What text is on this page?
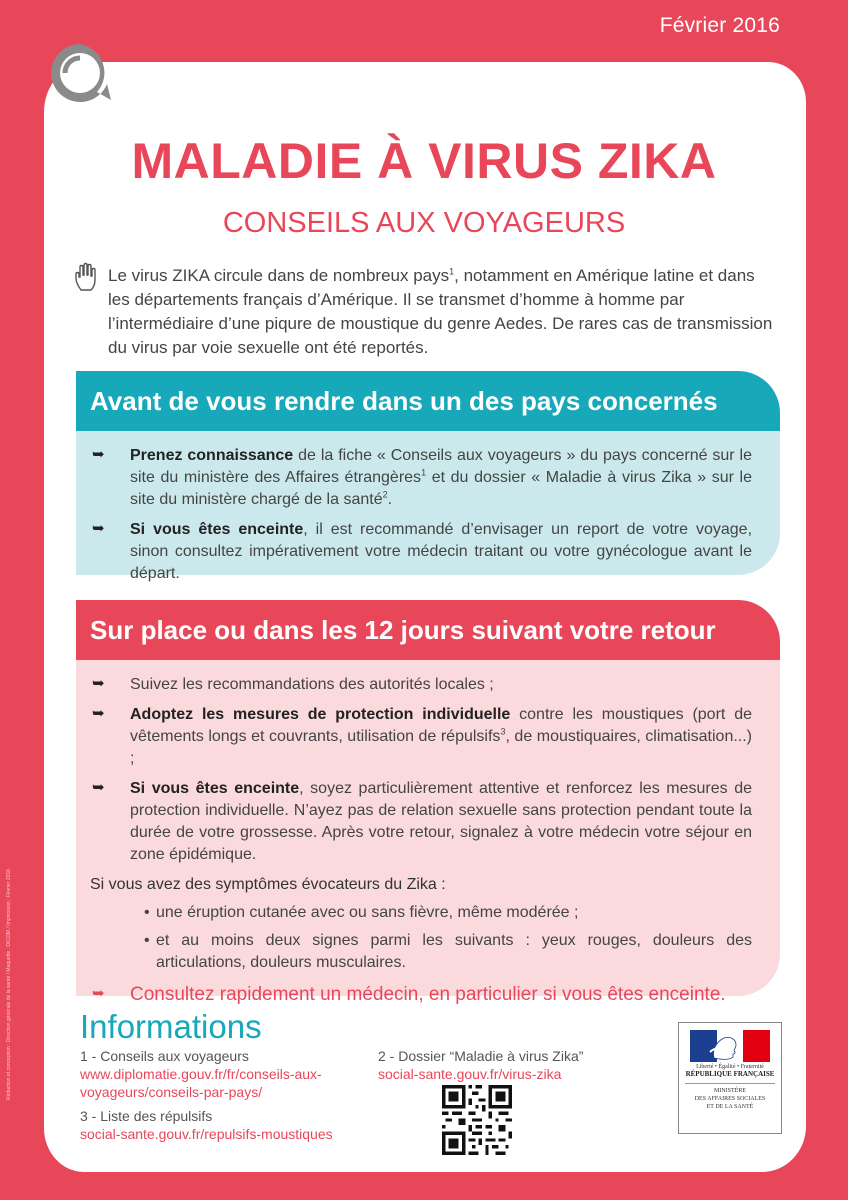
Février 2016
MALADIE À VIRUS ZIKA
CONSEILS AUX VOYAGEURS
Le virus ZIKA circule dans de nombreux pays$^1$, notamment en Amérique latine et dans les départements français d’Amérique. Il se transmet d’homme à homme par l’intermédiaire d’une piqure de moustique du genre Aedes. De rares cas de transmission du virus par voie sexuelle ont été reportés.
Avant de vous rendre dans un des pays concernés
➥ Prenez connaissance de la fiche « Conseils aux voyageurs » du pays concerné sur le site du ministère des Affaires étrangères$^1$ et du dossier « Maladie à virus Zika » sur le site du ministère chargé de la santé$^2$.
➥ Si vous êtes enceinte, il est recommandé d’envisager un report de votre voyage, sinon consultez impérativement votre médecin traitant ou votre gynécologue avant le départ.
Sur place ou dans les 12 jours suivant votre retour
➥ Suivez les recommandations des autorités locales ;
➥ Adoptez les mesures de protection individuelle contre les moustiques (port de vêtements longs et couvrants, utilisation de répulsifs$^3$, de moustiquaires, climatisation...) ;
➥ Si vous êtes enceinte, soyez particulièrement attentive et renforcez les mesures de protection individuelle. N’ayez pas de relation sexuelle sans protection pendant toute la durée de votre grossesse. Après votre retour, signalez à votre médecin votre séjour en zone épidémique.
Si vous avez des symptômes évocateurs du Zika :
• une éruption cutanée avec ou sans fièvre, même modérée ;
• et au moins deux signes parmi les suivants : yeux rouges, douleurs des articulations, douleurs musculaires.
➥ Consultez rapidement un médecin, en particulier si vous êtes enceinte.
Informations
1 - Conseils aux voyageurs
www.diplomatie.gouv.fr/fr/conseils-aux-voyageurs/conseils-par-pays/
3 - Liste des répulsifs
social-sante.gouv.fr/repulsifs-moustiques
2 - Dossier “Maladie à virus Zika”
social-sante.gouv.fr/virus-zika	Liberté • Égalité • Fraternité
RÉPUBLIQUE FRANÇAISE
MINISTÈRE
DES AFFAIRES SOCIALES
ET DE LA SANTÉ
Rédaction et conception : Direction générale de la santé / Maquette : DICOM / Impression : Février 2016
